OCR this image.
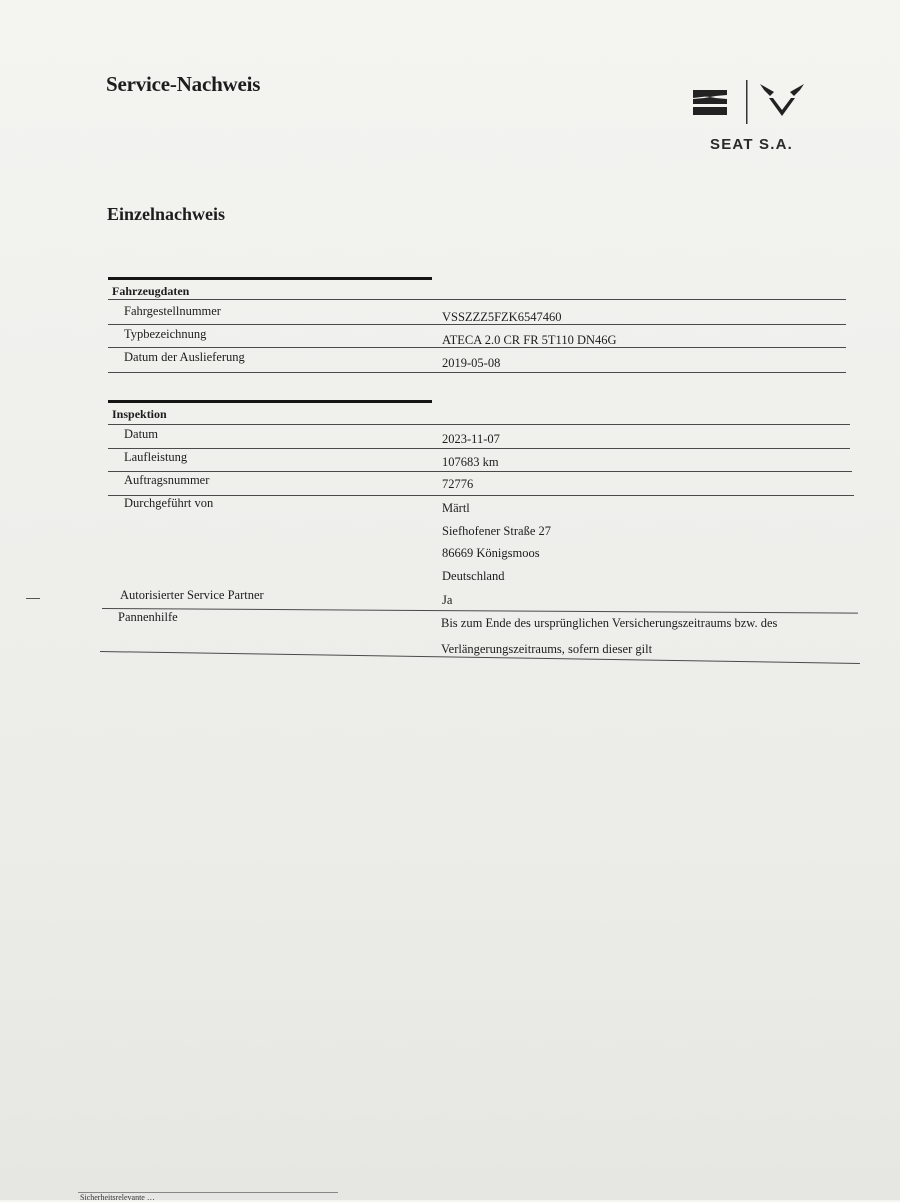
Service-Nachweis
SEAT S.A.
Einzelnachweis
Fahrzeugdaten
Fahrgestellnummer	VSSZZZ5FZK6547460
Typbezeichnung	ATECA 2.0 CR FR 5T110 DN46G
Datum der Auslieferung	2019-05-08
Inspektion
Datum	2023-11-07
Laufleistung	107683 km
Auftragsnummer	72776
Durchgeführt von	Märtl
Siefhofener Straße 27
86669 Königsmoos
Deutschland
Autorisierter Service Partner	Ja
Pannenhilfe	Bis zum Ende des ursprünglichen Versicherungszeitraums bzw. des
Verlängerungszeitraums, sofern dieser gilt
Sicherheitsrelevante …
